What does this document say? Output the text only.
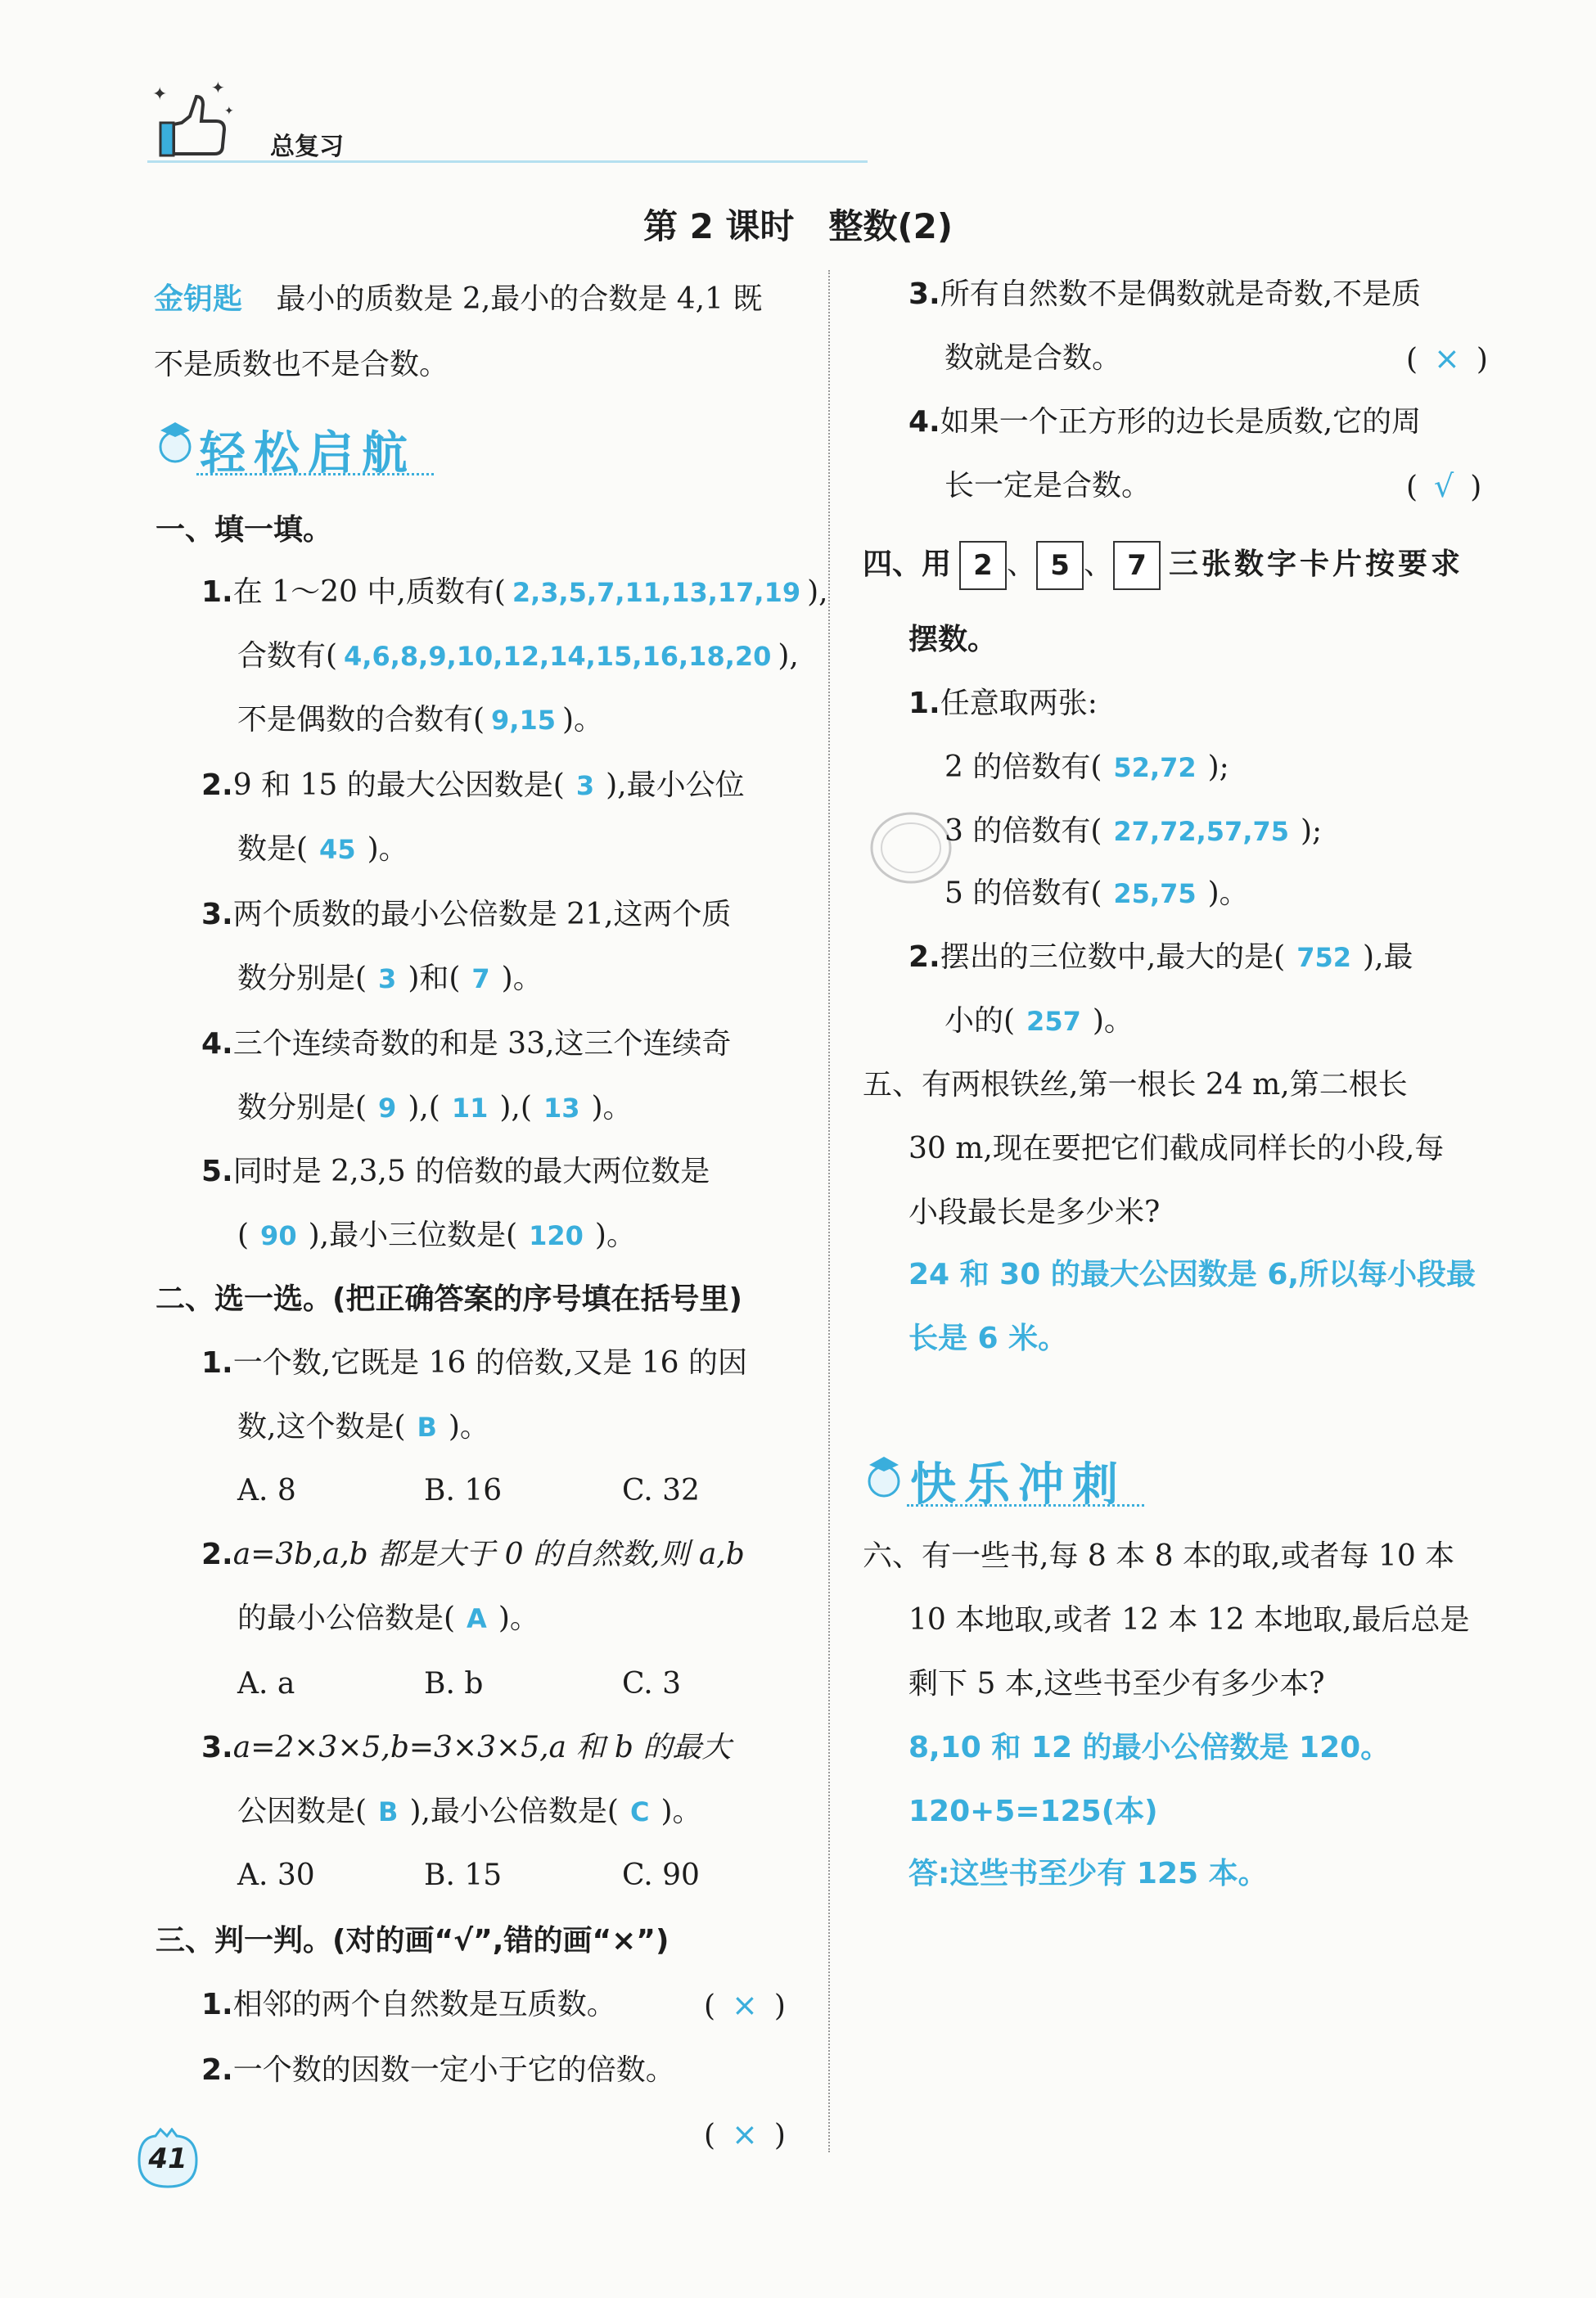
✦	✦
✦
总复习
第 2 课时　整数(2)
金钥匙 最小的质数是 2,最小的合数是 4,1 既
不是质数也不是合数。
轻松启航
一、填一填。
1.在 1～20 中,质数有( 2,3,5,7,11,13,17,19 ),
合数有( 4,6,8,9,10,12,14,15,16,18,20 ),
不是偶数的合数有( 9,15 )。
2.9 和 15 的最大公因数是( 3 ),最小公位
数是( 45 )。
3.两个质数的最小公倍数是 21,这两个质
数分别是( 3 )和( 7 )。
4.三个连续奇数的和是 33,这三个连续奇
数分别是( 9 ),( 11 ),( 13 )。
5.同时是 2,3,5 的倍数的最大两位数是
( 90 ),最小三位数是( 120 )。
二、选一选。(把正确答案的序号填在括号里)
1.一个数,它既是 16 的倍数,又是 16 的因
数,这个数是( B )。
A. 8	B. 16	C. 32
2.a=3b,a,b 都是大于 0 的自然数,则 a,b
的最小公倍数是( A )。
A. a	B. b	C. 3
3.a=2×3×5,b=3×3×5,a 和 b 的最大
公因数是( B ),最小公倍数是( C )。
A. 30	B. 15	C. 90
三、判一判。(对的画“√”,错的画“×”)
1.相邻的两个自然数是互质数。	( × )
2.一个数的因数一定小于它的倍数。
( × )
41
3.所有自然数不是偶数就是奇数,不是质
数就是合数。	( × )
4.如果一个正方形的边长是质数,它的周
长一定是合数。	( √ )
四、用 2 、 5 、 7 三张数字卡片按要求
摆数。
1.任意取两张:
2 的倍数有( 52,72 );
3 的倍数有( 27,72,57,75 );
5 的倍数有( 25,75 )。
2.摆出的三位数中,最大的是( 752 ),最
小的( 257 )。
五、有两根铁丝,第一根长 24 m,第二根长
30 m,现在要把它们截成同样长的小段,每
小段最长是多少米?
24 和 30 的最大公因数是 6,所以每小段最
长是 6 米。
快乐冲刺
六、有一些书,每 8 本 8 本的取,或者每 10 本
10 本地取,或者 12 本 12 本地取,最后总是
剩下 5 本,这些书至少有多少本?
8,10 和 12 的最小公倍数是 120。
120+5=125(本)
答:这些书至少有 125 本。
